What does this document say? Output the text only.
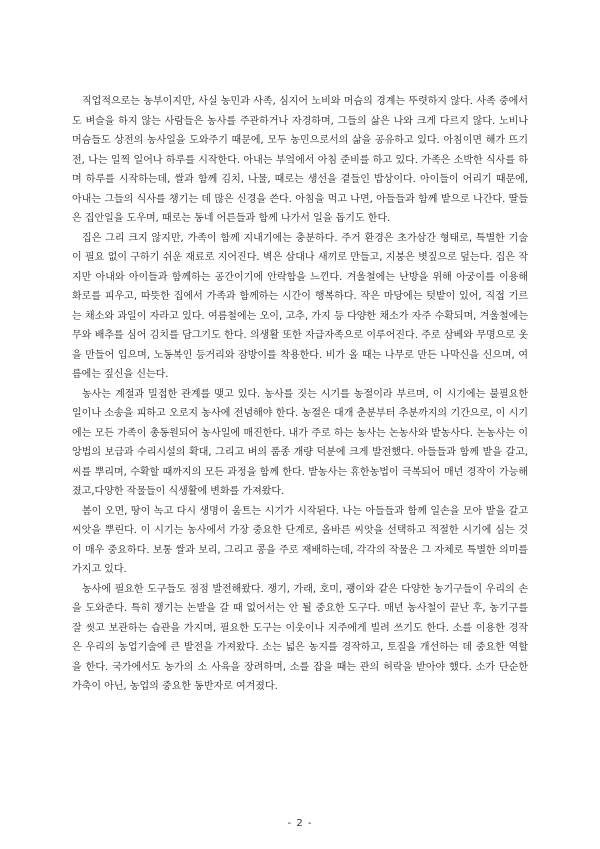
직업적으로는 농부이지만, 사실 농민과 사족, 심지어 노비와 머슴의 경계는 뚜렷하지 않다. 사족 중에서도 벼슬을 하지 않는 사람들은 농사를 주관하거나 자경하며, 그들의 삶은 나와 크게 다르지 않다. 노비나 머슴들도 상전의 농사일을 도와주기 때문에, 모두 농민으로서의 삶을 공유하고 있다. 아침이면 해가 뜨기 전, 나는 일찍 일어나 하루를 시작한다. 아내는 부엌에서 아침 준비를 하고 있다. 가족은 소박한 식사를 하며 하루를 시작하는데, 쌀과 함께 김치, 나물, 때로는 생선을 곁들인 밥상이다. 아이들이 어리기 때문에, 아내는 그들의 식사를 챙기는 데 많은 신경을 쓴다. 아침을 먹고 나면, 아들들과 함께 밭으로 나간다. 딸들은 집안일을 도우며, 때로는 동네 어른들과 함께 나가서 일을 돕기도 한다.

집은 그리 크지 않지만, 가족이 함께 지내기에는 충분하다. 주거 환경은 초가삼간 형태로, 특별한 기술이 필요 없이 구하기 쉬운 재료로 지어진다. 벽은 삼대나 새끼로 만들고, 지붕은 볏짚으로 덮는다. 집은 작지만 아내와 아이들과 함께하는 공간이기에 안락함을 느낀다. 겨울철에는 난방을 위해 아궁이를 이용해 화로를 피우고, 따뜻한 집에서 가족과 함께하는 시간이 행복하다. 작은 마당에는 텃밭이 있어, 직접 기르는 채소와 과일이 자라고 있다. 여름철에는 오이, 고추, 가지 등 다양한 채소가 자주 수확되며, 겨울철에는 무와 배추를 심어 김치를 담그기도 한다. 의생활 또한 자급자족으로 이루어진다. 주로 삼베와 무명으로 옷을 만들어 입으며, 노동복인 등거리와 잠방이를 착용한다. 비가 올 때는 나무로 만든 나막신을 신으며, 여름에는 짚신을 신는다.

농사는 계절과 밀접한 관계를 맺고 있다. 농사를 짓는 시기를 농절이라 부르며, 이 시기에는 불필요한 일이나 소송을 피하고 오로지 농사에 전념해야 한다. 농절은 대개 춘분부터 추분까지의 기간으로, 이 시기에는 모든 가족이 총동원되어 농사일에 매진한다. 내가 주로 하는 농사는 논농사와 밭농사다. 논농사는 이앙법의 보급과 수리시설의 확대, 그리고 벼의 품종 개량 덕분에 크게 발전했다. 아들들과 함께 밭을 갈고, 씨를 뿌리며, 수확할 때까지의 모든 과정을 함께 한다. 밭농사는 휴한농법이 극복되어 매년 경작이 가능해졌고,다양한 작물들이 식생활에 변화를 가져왔다.

봄이 오면, 땅이 녹고 다시 생명이 움트는 시기가 시작된다. 나는 아들들과 함께 일손을 모아 밭을 갈고 씨앗을 뿌린다. 이 시기는 농사에서 가장 중요한 단계로, 올바른 씨앗을 선택하고 적절한 시기에 심는 것이 매우 중요하다. 보통 쌀과 보리, 그리고 콩을 주로 재배하는데, 각각의 작물은 그 자체로 특별한 의미를 가지고 있다.

농사에 필요한 도구들도 점점 발전해왔다. 쟁기, 가래, 호미, 괭이와 같은 다양한 농기구들이 우리의 손을 도와준다. 특히 쟁기는 논밭을 갈 때 없어서는 안 될 중요한 도구다. 매년 농사철이 끝난 후, 농기구를 잘 씻고 보관하는 습관을 가지며, 필요한 도구는 이웃이나 지주에게 빌려 쓰기도 한다. 소를 이용한 경작은 우리의 농업기술에 큰 발전을 가져왔다. 소는 넓은 농지를 경작하고, 토질을 개선하는 데 중요한 역할을 한다. 국가에서도 농가의 소 사육을 장려하며, 소를 잡을 때는 관의 허락을 받아야 했다. 소가 단순한 가축이 아닌, 농업의 중요한 동반자로 여겨졌다.

- 2 -
